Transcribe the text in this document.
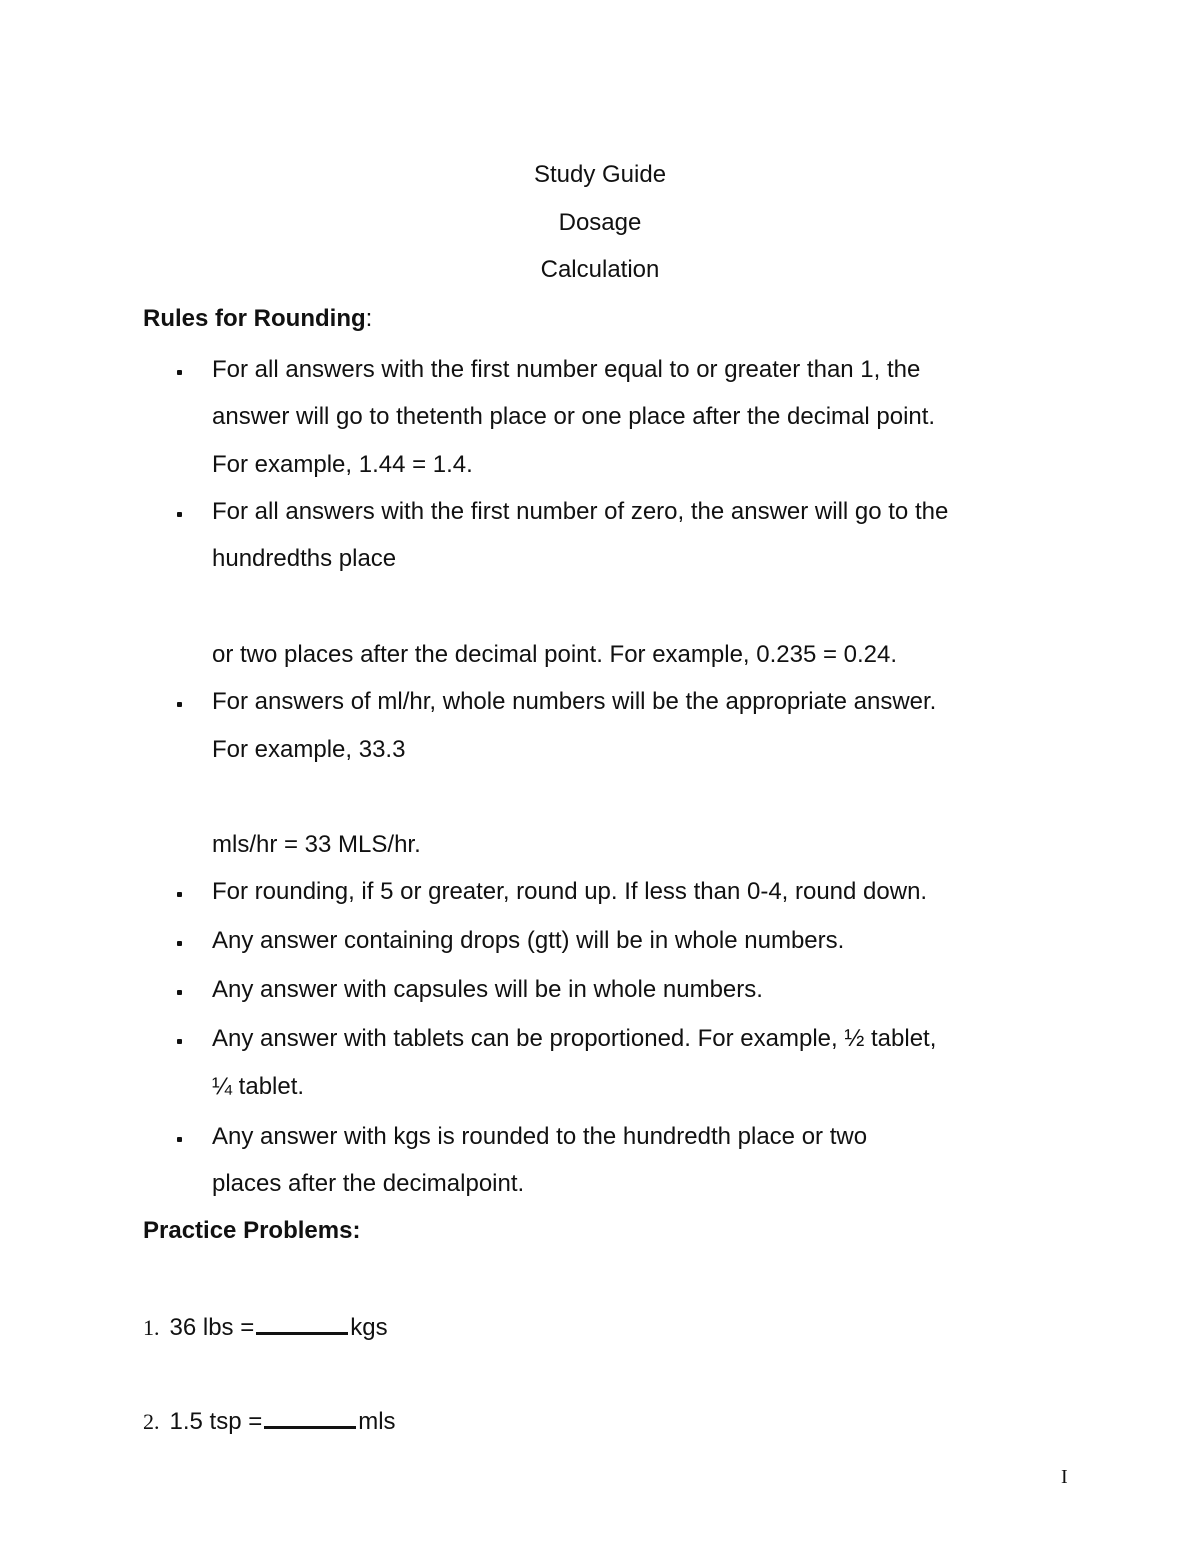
Study Guide
Dosage
Calculation
Rules for Rounding:
For all answers with the first number equal to or greater than 1, the
answer will go to thetenth place or one place after the decimal point.
For example, 1.44 = 1.4.
For all answers with the first number of zero, the answer will go to the
hundredths place
or two places after the decimal point. For example, 0.235 = 0.24.
For answers of ml/hr, whole numbers will be the appropriate answer.
For example, 33.3
mls/hr = 33 MLS/hr.
For rounding, if 5 or greater, round up. If less than 0-4, round down.
Any answer containing drops (gtt) will be in whole numbers.
Any answer with capsules will be in whole numbers.
Any answer with tablets can be proportioned. For example, ½ tablet,
¼ tablet.
Any answer with kgs is rounded to the hundredth place or two
places after the decimalpoint.
Practice Problems:
1. 36 lbs =	kgs
2. 1.5 tsp =	mls
I
